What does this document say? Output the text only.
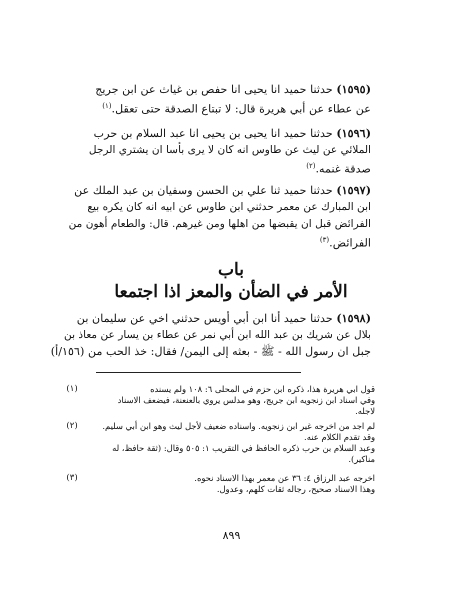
(١٥٩٥) حدثنا حميد انا يحيى انا حفص بن غياث عن ابن جريج
عن عطاء عن أبي هريرة قال: لا تبتاع الصدقة حتى تعقل.$^{(١)}$
(١٥٩٦) حدثنا حميد انا يحيى بن يحيى انا عبد السلام بن حرب
الملائي عن ليث عن طاوس انه كان لا يرى بأسا ان يشتري الرجل
صدقة غنمه.$^{(٢)}$
(١٥٩٧) حدثنا حميد ثنا علي بن الحسن وسفيان بن عبد الملك عن
ابن المبارك عن معمر حدثني ابن طاوس عن ابيه انه كان يكره بيع
الفرائض قبل ان يقبضها من اهلها ومن غيرهم. قال: والطعام أهون من
الفرائض.$^{(٣)}$
باب
الأمر في الضأن والمعز اذا اجتمعا
(١٥٩٨) حدثنا حميد أنا ابن أبي أويس حدثني اخي عن سليمان بن
بلال عن شريك بن عبد الله ابن أبي نمر عن عطاء بن يسار عن معاذ بن
جبل ان رسول الله - ﷺ - بعثه إلى اليمن/ فقال: خذ الحب من (١٥٦/أ)
(١)	قول ابي هريرة هذا، ذكره ابن حزم في المحلى ٦: ١٠٨ ولم يسنده
وفي اسناد ابن زنجويه ابن جريج، وهو مدلس يروي بالعنعنة، فيضعف الاسناد
لاجله.
(٢)	لم اجد من اخرجه غير ابن زنجويه. واسناده ضعيف لأجل ليث وهو ابن أبي سليم.
وقد تقدم الكلام عنه.
وعبد السلام بن حرب ذكره الحافظ في التقريب ١: ٥٠٥ وقال: (ثقة حافظ، له
مناكير).
(٣)	اخرجه عبد الرزاق ٤: ٣٦ عن معمر بهذا الاسناد نحوه.
وهذا الاسناد صحيح، رجاله ثقات كلهم، وعدول.
٨٩٩
